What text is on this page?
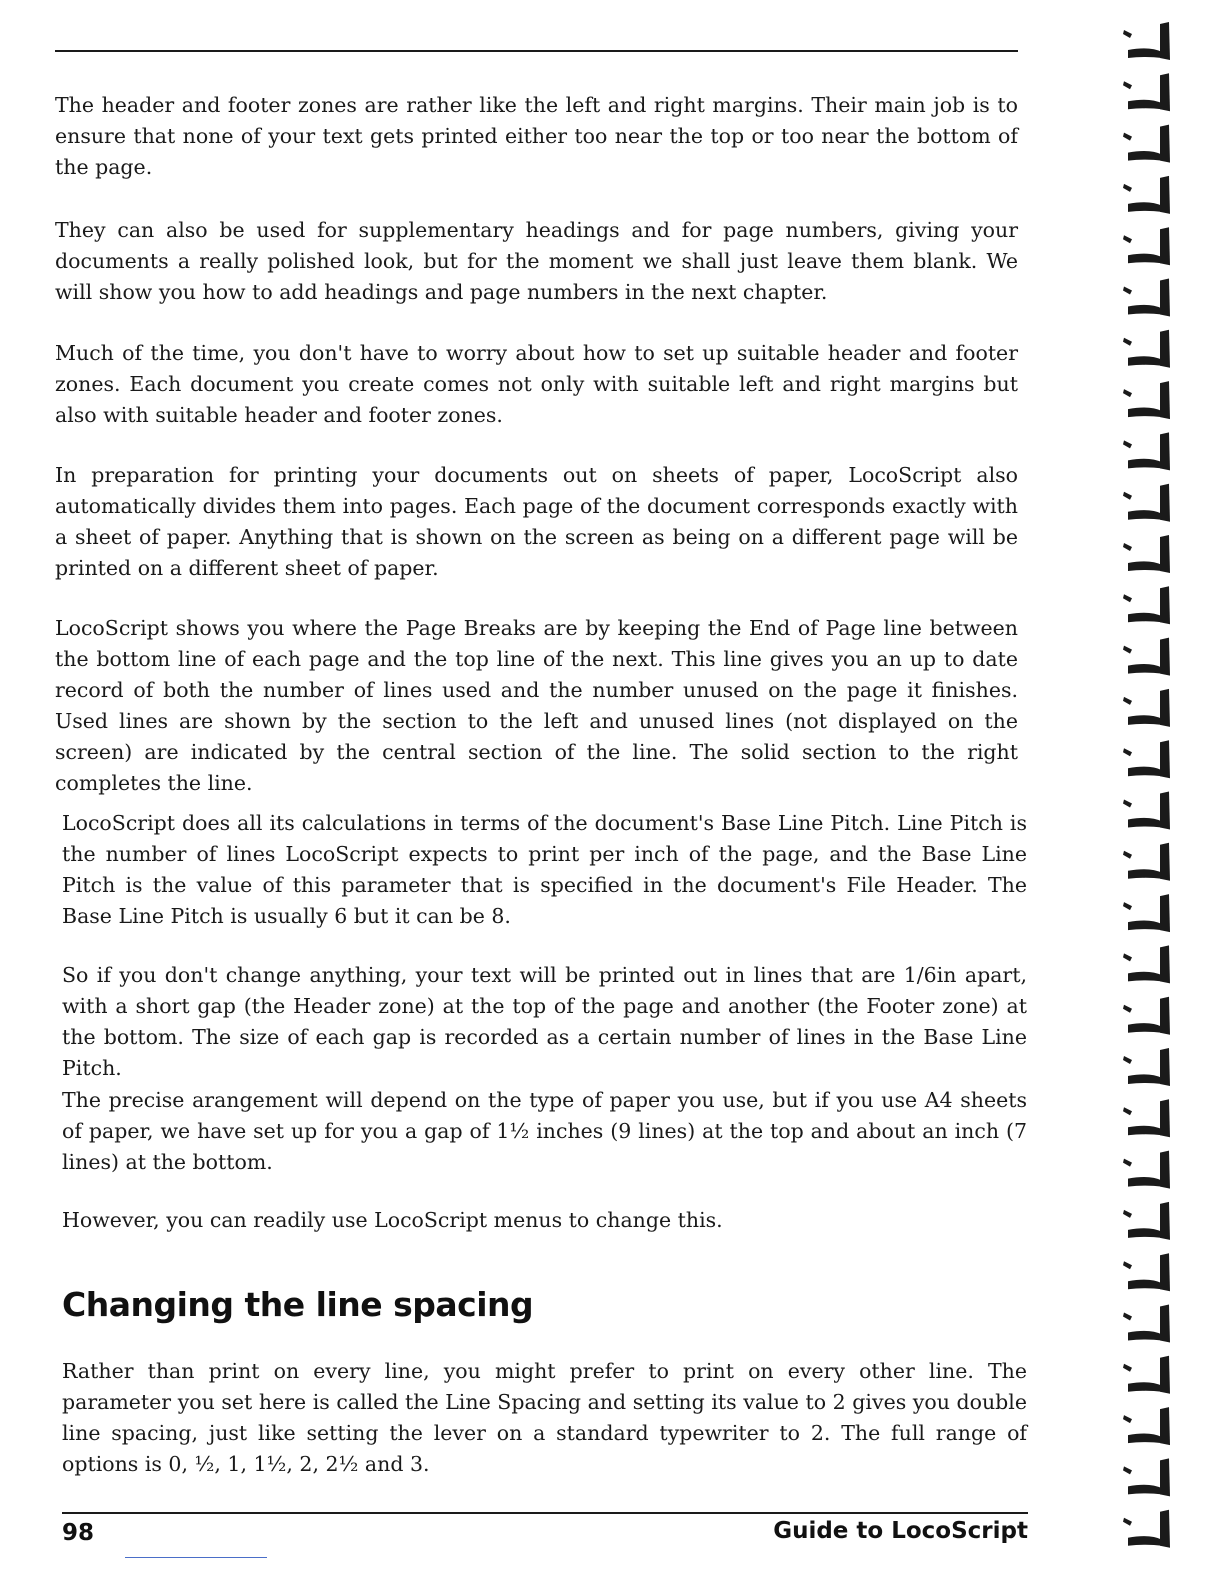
The header and footer zones are rather like the left and right margins. Their main job is to ensure that none of your text gets printed either too near the top or too near the bottom of the page.

They can also be used for supplementary headings and for page numbers, giving your documents a really polished look, but for the moment we shall just leave them blank. We will show you how to add headings and page numbers in the next chapter.

Much of the time, you don't have to worry about how to set up suitable header and footer zones. Each document you create comes not only with suitable left and right margins but also with suitable header and footer zones.

In preparation for printing your documents out on sheets of paper, LocoScript also automatically divides them into pages. Each page of the document corresponds exactly with a sheet of paper. Anything that is shown on the screen as being on a different page will be printed on a different sheet of paper.

LocoScript shows you where the Page Breaks are by keeping the End of Page line between the bottom line of each page and the top line of the next. This line gives you an up to date record of both the number of lines used and the number unused on the page it finishes. Used lines are shown by the section to the left and unused lines (not displayed on the screen) are indicated by the central section of the line. The solid section to the right completes the line.

LocoScript does all its calculations in terms of the document's Base Line Pitch. Line Pitch is the number of lines LocoScript expects to print per inch of the page, and the Base Line Pitch is the value of this parameter that is specified in the document's File Header. The Base Line Pitch is usually 6 but it can be 8.

So if you don't change anything, your text will be printed out in lines that are 1/6in apart, with a short gap (the Header zone) at the top of the page and another (the Footer zone) at the bottom. The size of each gap is recorded as a certain number of lines in the Base Line Pitch.

The precise arangement will depend on the type of paper you use, but if you use A4 sheets of paper, we have set up for you a gap of 1½ inches (9 lines) at the top and about an inch (7 lines) at the bottom.

However, you can readily use LocoScript menus to change this.

Changing the line spacing

Rather than print on every line, you might prefer to print on every other line. The parameter you set here is called the Line Spacing and setting its value to 2 gives you double line spacing, just like setting the lever on a standard typewriter to 2. The full range of options is 0, ½, 1, 1½, 2, 2½ and 3.

98	Guide to LocoScript
